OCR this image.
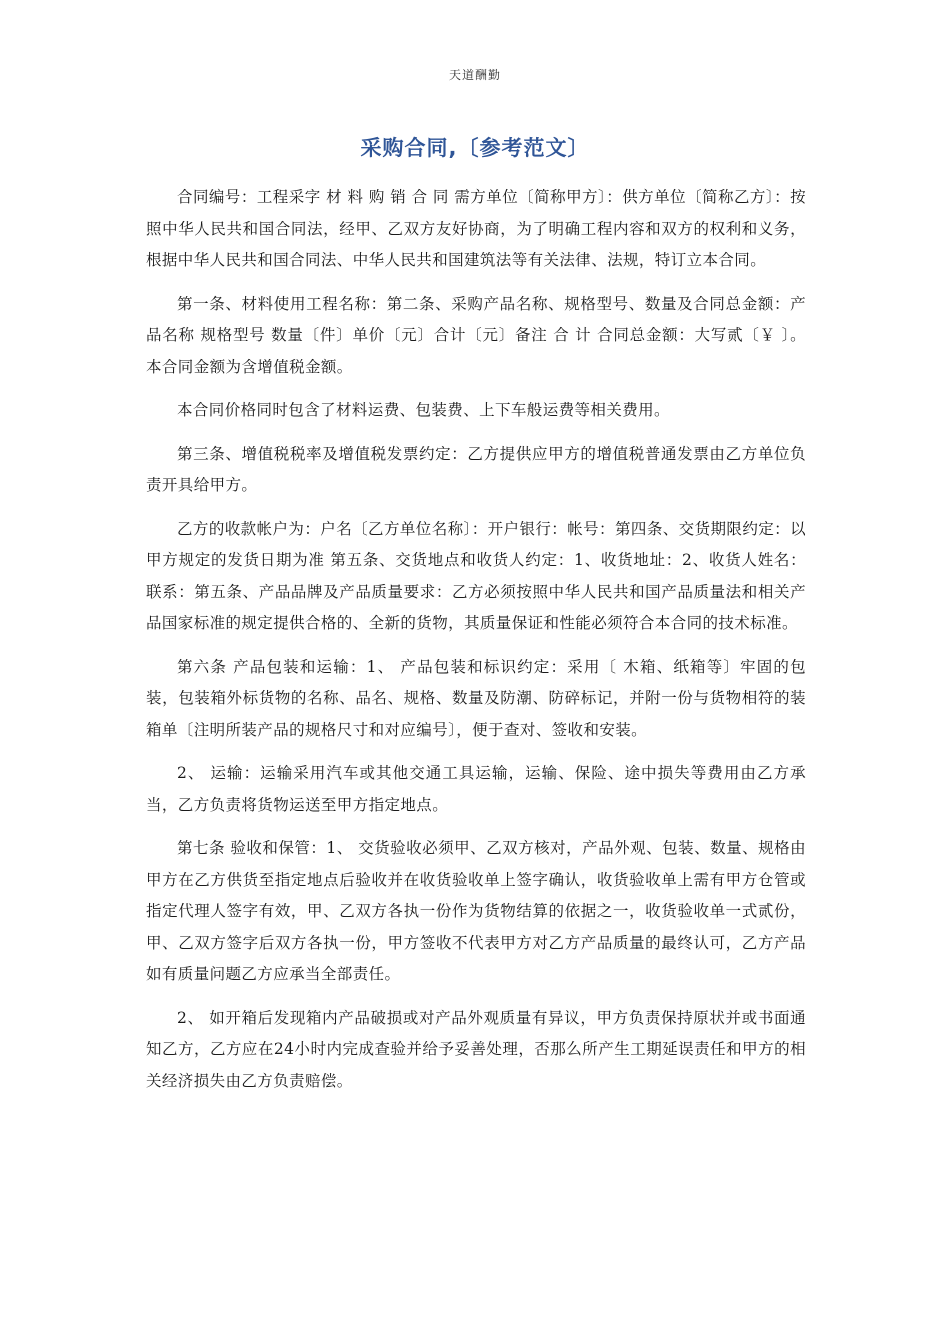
天道酬勤
采购合同,〔参考范文〕

合同编号：工程采字 材 料 购 销 合 同 需方单位〔简称甲方〕：供方单位〔简称乙方〕：按照中华人民共和国合同法，经甲、乙双方友好协商，为了明确工程内容和双方的权利和义务，根据中华人民共和国合同法、中华人民共和国建筑法等有关法律、法规，特订立本合同。

第一条、材料使用工程名称：第二条、采购产品名称、规格型号、数量及合同总金额：产品名称 规格型号 数量〔件〕单价〔元〕合计〔元〕备注 合 计 合同总金额：大写贰〔￥ 〕。本合同金额为含增值税金额。

本合同价格同时包含了材料运费、包装费、上下车般运费等相关费用。

第三条、增值税税率及增值税发票约定：乙方提供应甲方的增值税普通发票由乙方单位负责开具给甲方。

乙方的收款帐户为：户名〔乙方单位名称〕：开户银行：帐号：第四条、交货期限约定：以甲方规定的发货日期为准 第五条、交货地点和收货人约定：1、收货地址：2、收货人姓名：联系：第五条、产品品牌及产品质量要求：乙方必须按照中华人民共和国产品质量法和相关产品国家标准的规定提供合格的、全新的货物，其质量保证和性能必须符合本合同的技术标准。

第六条 产品包装和运输：1、 产品包装和标识约定：采用〔 木箱、纸箱等〕牢固的包装，包装箱外标货物的名称、品名、规格、数量及防潮、防碎标记，并附一份与货物相符的装箱单〔注明所装产品的规格尺寸和对应编号〕，便于查对、签收和安装。

2、 运输：运输采用汽车或其他交通工具运输，运输、保险、途中损失等费用由乙方承当，乙方负责将货物运送至甲方指定地点。

第七条 验收和保管：1、 交货验收必须甲、乙双方核对，产品外观、包装、数量、规格由甲方在乙方供货至指定地点后验收并在收货验收单上签字确认，收货验收单上需有甲方仓管或指定代理人签字有效，甲、乙双方各执一份作为货物结算的依据之一，收货验收单一式贰份，甲、乙双方签字后双方各执一份，甲方签收不代表甲方对乙方产品质量的最终认可，乙方产品如有质量问题乙方应承当全部责任。

2、 如开箱后发现箱内产品破损或对产品外观质量有异议，甲方负责保持原状并或书面通知乙方，乙方应在24小时内完成查验并给予妥善处理，否那么所产生工期延误责任和甲方的相关经济损失由乙方负责赔偿。
